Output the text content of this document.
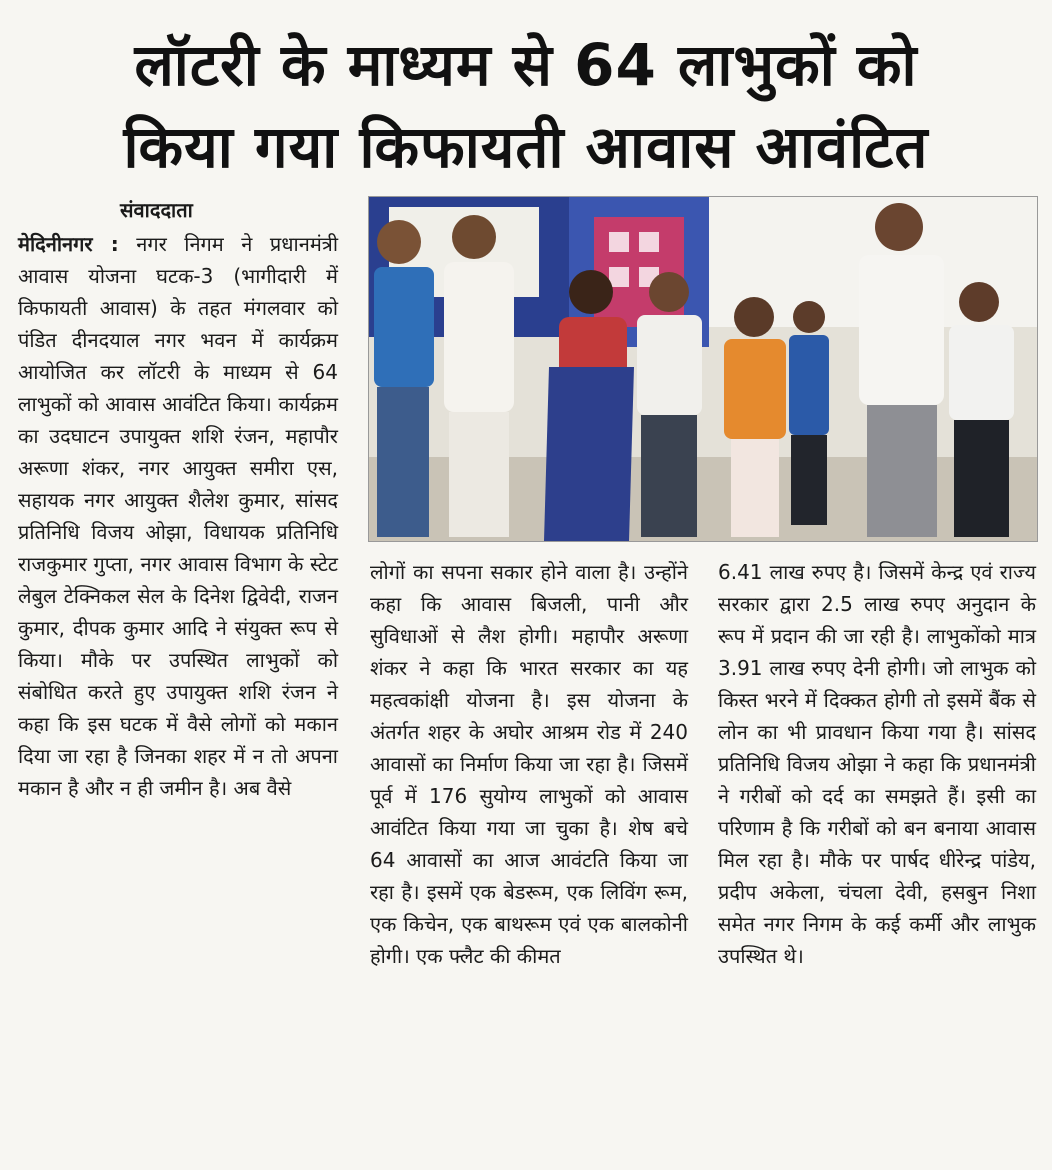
लॉटरी के माध्यम से 64 लाभुकों को
किया गया किफायती आवास आवंटित
संवाददाता
मेदिनीनगर : नगर निगम ने प्रधानमंत्री आवास योजना घटक-3 (भागीदारी में किफायती आवास) के तहत मंगलवार को पंडित दीनदयाल नगर भवन में कार्यक्रम आयोजित कर लॉटरी के माध्यम से 64 लाभुकों को आवास आवंटित किया। कार्यक्रम का उदघाटन उपायुक्त शशि रंजन, महापौर अरूणा शंकर, नगर आयुक्त समीरा एस, सहायक नगर आयुक्त शैलेश कुमार, सांसद प्रतिनिधि विजय ओझा, विधायक प्रतिनिधि राजकुमार गुप्ता, नगर आवास विभाग के स्टेट लेबुल टेक्निकल सेल के दिनेश द्विवेदी, राजन कुमार, दीपक कुमार आदि ने संयुक्त रूप से किया। मौके पर उपस्थित लाभुकों को संबोधित करते हुए उपायुक्त शशि रंजन ने कहा कि इस घटक में वैसे लोगों को मकान दिया जा रहा है जिनका शहर में न तो अपना मकान है और न ही जमीन है। अब वैसे
लोगों का सपना सकार होने वाला है। उन्होंने कहा कि आवास बिजली, पानी और सुविधाओं से लैश होगी। महापौर अरूणा शंकर ने कहा कि भारत सरकार का यह महत्वकांक्षी योजना है। इस योजना के अंतर्गत शहर के अघोर आश्रम रोड में 240 आवासों का निर्माण किया जा रहा है। जिसमें पूर्व में 176 सुयोग्य लाभुकों को आवास आवंटित किया गया जा चुका है। शेष बचे 64 आवासों का आज आवंटति किया जा रहा है। इसमें एक बेडरूम, एक लिविंग रूम, एक किचेन, एक बाथरूम एवं एक बालकोनी होगी। एक फ्लैट की कीमत
6.41 लाख रुपए है। जिसमें केन्द्र एवं राज्य सरकार द्वारा 2.5 लाख रुपए अनुदान के रूप में प्रदान की जा रही है। लाभुकोंको मात्र 3.91 लाख रुपए देनी होगी। जो लाभुक को किस्त भरने में दिक्कत होगी तो इसमें बैंक से लोन का भी प्रावधान किया गया है। सांसद प्रतिनिधि विजय ओझा ने कहा कि प्रधानमंत्री ने गरीबों को दर्द का समझते हैं। इसी का परिणाम है कि गरीबों को बन बनाया आवास मिल रहा है। मौके पर पार्षद धीरेन्द्र पांडेय, प्रदीप अकेला, चंचला देवी, हसबुन निशा समेत नगर निगम के कई कर्मी और लाभुक उपस्थित थे।
